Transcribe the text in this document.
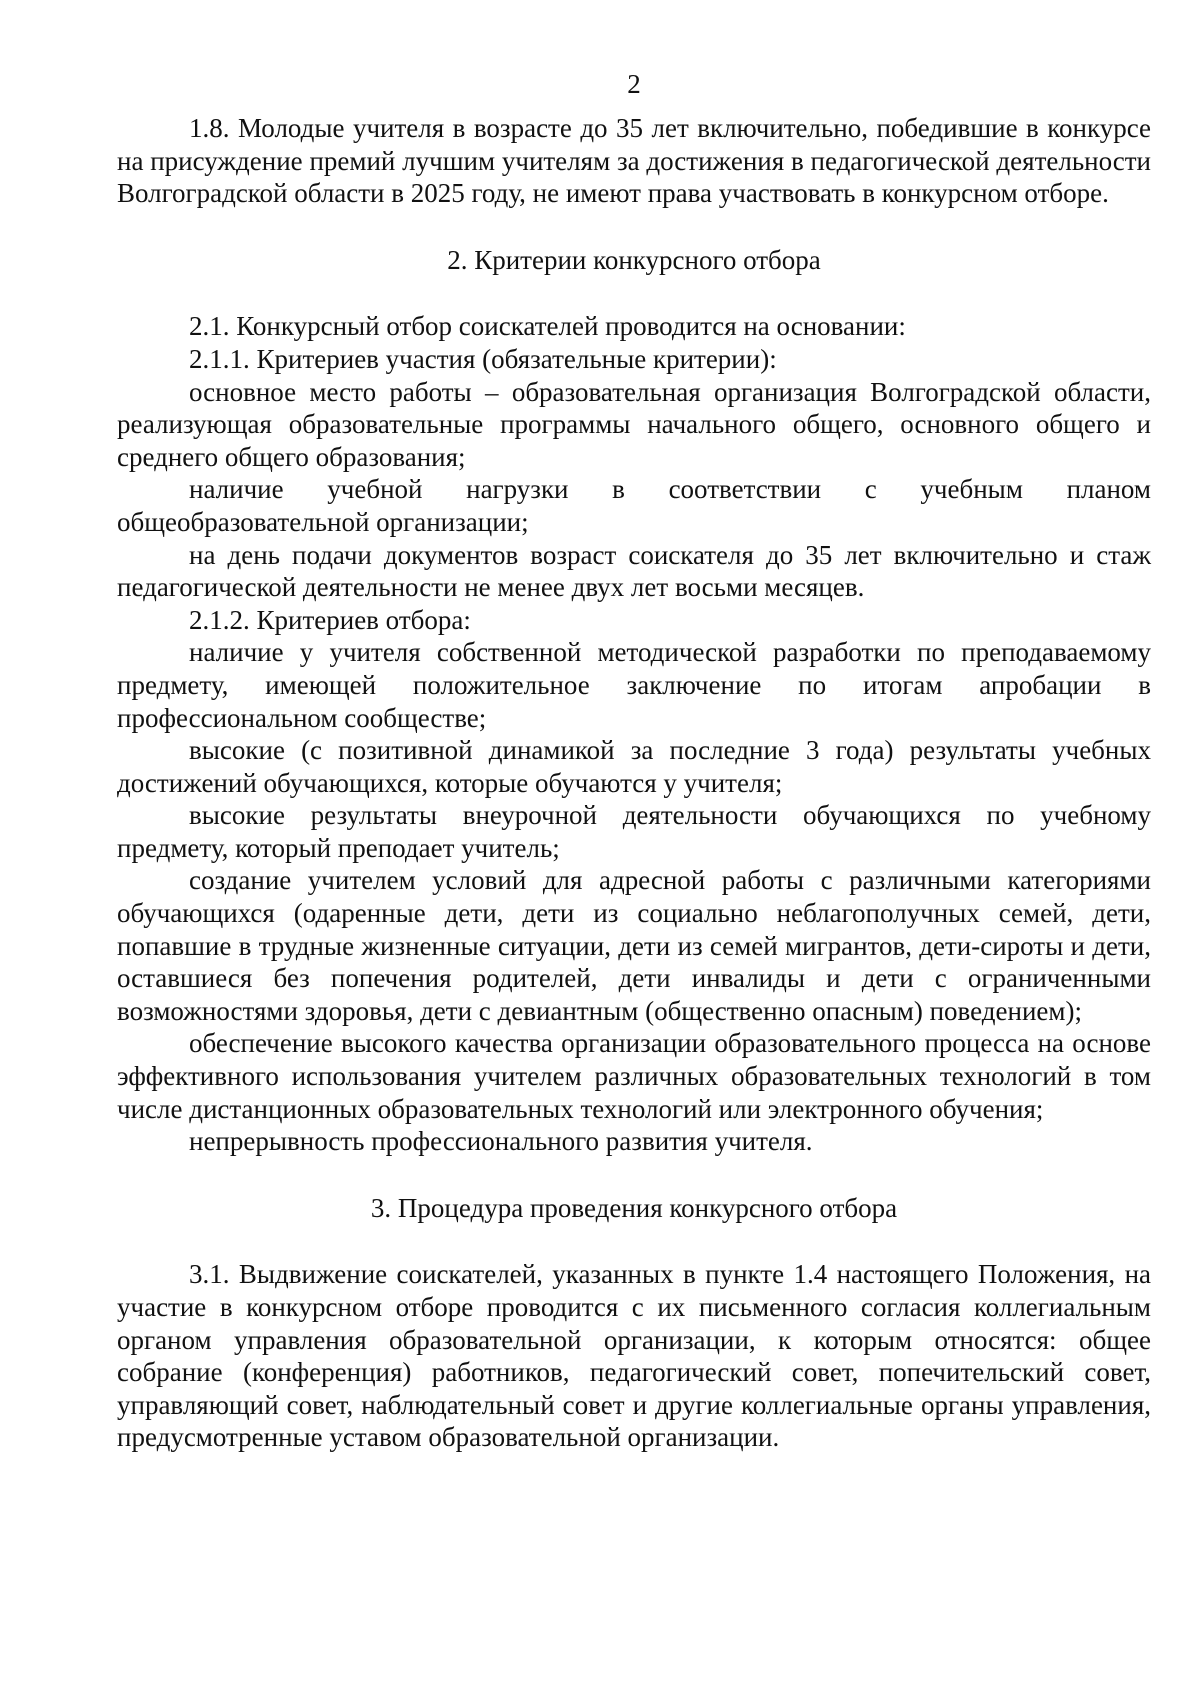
2

1.8. Молодые учителя в возрасте до 35 лет включительно, победившие в конкурсе на присуждение премий лучшим учителям за достижения в педагогической деятельности Волгоградской области в 2025 году, не имеют права участвовать в конкурсном отборе.

2. Критерии конкурсного отбора

2.1. Конкурсный отбор соискателей проводится на основании:

2.1.1. Критериев участия (обязательные критерии):

основное место работы – образовательная организация Волгоградской области, реализующая образовательные программы начального общего, основного общего и среднего общего образования;

наличие учебной нагрузки в соответствии с учебным планом общеобразовательной организации;

на день подачи документов возраст соискателя до 35 лет включительно и стаж педагогической деятельности не менее двух лет восьми месяцев.

2.1.2. Критериев отбора:

наличие у учителя собственной методической разработки по преподаваемому предмету, имеющей положительное заключение по итогам апробации в профессиональном сообществе;

высокие (с позитивной динамикой за последние 3 года) результаты учебных достижений обучающихся, которые обучаются у учителя;

высокие результаты внеурочной деятельности обучающихся по учебному предмету, который преподает учитель;

создание учителем условий для адресной работы с различными категориями обучающихся (одаренные дети, дети из социально неблагополучных семей, дети, попавшие в трудные жизненные ситуации, дети из семей мигрантов, дети-сироты и дети, оставшиеся без попечения родителей, дети инвалиды и дети с ограниченными возможностями здоровья, дети с девиантным (общественно опасным) поведением);

обеспечение высокого качества организации образовательного процесса на основе эффективного использования учителем различных образовательных технологий в том числе дистанционных образовательных технологий или электронного обучения;

непрерывность профессионального развития учителя.

3. Процедура проведения конкурсного отбора

3.1. Выдвижение соискателей, указанных в пункте 1.4 настоящего Положения, на участие в конкурсном отборе проводится с их письменного согласия коллегиальным органом управления образовательной организации, к которым относятся: общее собрание (конференция) работников, педагогический совет, попечительский совет, управляющий совет, наблюдательный совет и другие коллегиальные органы управления, предусмотренные уставом образовательной организации.
